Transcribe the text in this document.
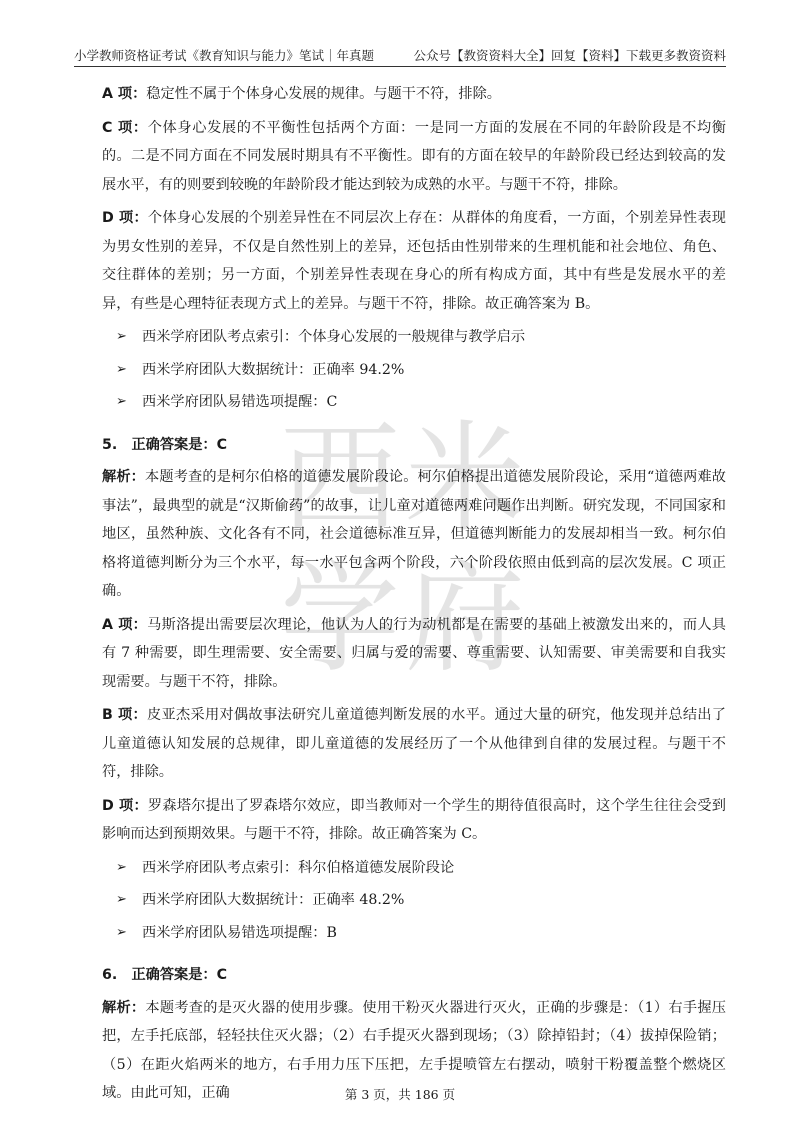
小学教师资格证考试《教育知识与能力》笔试｜年真题	公众号【教资资料大全】回复【资料】下载更多教资资料
西 米
学 府

A 项：稳定性不属于个体身心发展的规律。与题干不符，排除。

C 项：个体身心发展的不平衡性包括两个方面：一是同一方面的发展在不同的年龄阶段是不均衡的。二是不同方面在不同发展时期具有不平衡性。即有的方面在较早的年龄阶段已经达到较高的发展水平，有的则要到较晚的年龄阶段才能达到较为成熟的水平。与题干不符，排除。

D 项：个体身心发展的个别差异性在不同层次上存在：从群体的角度看，一方面，个别差异性表现为男女性别的差异，不仅是自然性别上的差异，还包括由性别带来的生理机能和社会地位、角色、交往群体的差别；另一方面，个别差异性表现在身心的所有构成方面，其中有些是发展水平的差异，有些是心理特征表现方式上的差异。与题干不符，排除。故正确答案为 B。

➢	西米学府团队考点索引：个体身心发展的一般规律与教学启示
➢	西米学府团队大数据统计：正确率 94.2%
➢	西米学府团队易错选项提醒：C
5.　正确答案是：C

解析：本题考查的是柯尔伯格的道德发展阶段论。柯尔伯格提出道德发展阶段论，采用“道德两难故事法”，最典型的就是“汉斯偷药”的故事，让儿童对道德两难问题作出判断。研究发现，不同国家和地区，虽然种族、文化各有不同，社会道德标准互异，但道德判断能力的发展却相当一致。柯尔伯格将道德判断分为三个水平，每一水平包含两个阶段，六个阶段依照由低到高的层次发展。C 项正确。

A 项：马斯洛提出需要层次理论，他认为人的行为动机都是在需要的基础上被激发出来的，而人具有 7 种需要，即生理需要、安全需要、归属与爱的需要、尊重需要、认知需要、审美需要和自我实现需要。与题干不符，排除。

B 项：皮亚杰采用对偶故事法研究儿童道德判断发展的水平。通过大量的研究，他发现并总结出了儿童道德认知发展的总规律，即儿童道德的发展经历了一个从他律到自律的发展过程。与题干不符，排除。

D 项：罗森塔尔提出了罗森塔尔效应，即当教师对一个学生的期待值很高时，这个学生往往会受到影响而达到预期效果。与题干不符，排除。故正确答案为 C。

➢	西米学府团队考点索引：科尔伯格道德发展阶段论
➢	西米学府团队大数据统计：正确率 48.2%
➢	西米学府团队易错选项提醒：B
6.　正确答案是：C

解析：本题考查的是灭火器的使用步骤。使用干粉灭火器进行灭火，正确的步骤是：（1）右手握压把，左手托底部，轻轻扶住灭火器；（2）右手提灭火器到现场；（3）除掉铅封；（4）拔掉保险销；（5）在距火焰两米的地方，右手用力压下压把，左手提喷管左右摆动，喷射干粉覆盖整个燃烧区域。由此可知，正确	第 3 页，共 186 页
